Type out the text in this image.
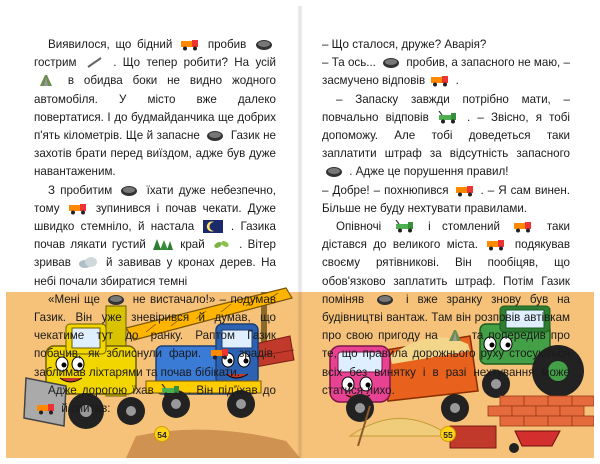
Виявилося, що бідний	пробив
гострим	. Що тепер робити? На усій
в обидва боки не видно жодного автомобіля. У місто вже далеко повертатися. І до будмайданчика ще добрих п'ять кілометрів. Ще й запасне	Газик не захотів брати перед виїздом, адже був дуже навантаженим.

З пробитим	їхати дуже небезпечно, тому	зупинився і почав чекати. Дуже швидко стемніло, й настала	. Газика почав лякати густий	край	. Вітер зривав	й завивав у кронах дерев. На небі почали збиратися темні

«Мені ще	не вистачало!» – подумав Газик. Він уже зневірився й думав, що чекатиме тут до ранку. Раптом Газик побачив, як зблиснули фари.	зрадів, заблимав ліхтарями та почав бібікати.

Адже дорогою їхав	. Він під'їхав до
й спитав:

54

– Що сталося, друже? Аварія?

– Та ось...	пробив, а запасного не маю, – засмучено відповів	.

– Запаску завжди потрібно мати, – повчально відповів	. – Звісно, я тобі допоможу. Але тобі доведеться таки заплатити штраф за відсутність запасного
. Адже це порушення правил!

– Добре! – похнюпився	. – Я сам винен. Більше не буду нехтувати правилами.

Опівночі	і стомлений	таки дістався до великого міста.	подякував своєму рятівникові. Він пообіцяв, що обов'язково заплатить штраф. Потім Газик поміняв	і вже зранку знову був на будівництві вантаж. Там він розповів автівкам про свою пригоду на	та попередив про те, що правила дорожнього руху стосуються всіх без винятку і в разі нехтування може статися лихо.

55
